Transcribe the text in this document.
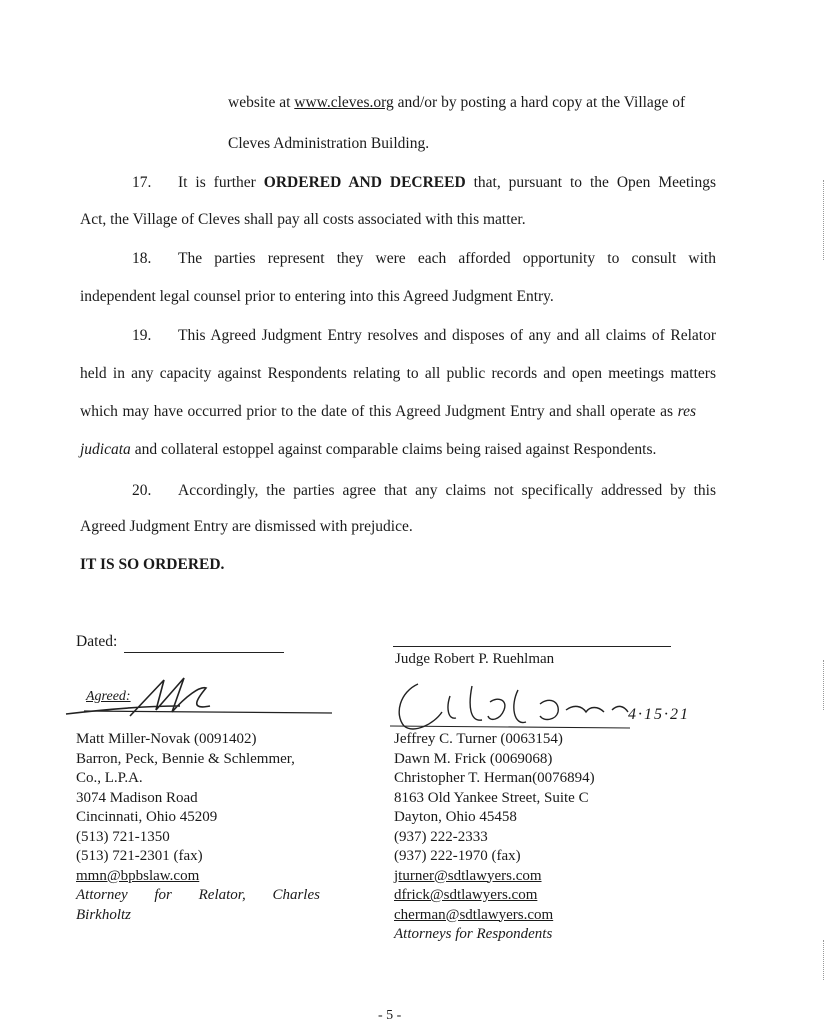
website at www.cleves.org and/or by posting a hard copy at the Village of
Cleves Administration Building.
17. It is further ORDERED AND DECREED that, pursuant to the Open Meetings
Act, the Village of Cleves shall pay all costs associated with this matter.
18. The parties represent they were each afforded opportunity to consult with
independent legal counsel prior to entering into this Agreed Judgment Entry.
19. This Agreed Judgment Entry resolves and disposes of any and all claims of Relator
held in any capacity against Respondents relating to all public records and open meetings matters
which may have occurred prior to the date of this Agreed Judgment Entry and shall operate as res
judicata and collateral estoppel against comparable claims being raised against Respondents.
20. Accordingly, the parties agree that any claims not specifically addressed by this
Agreed Judgment Entry are dismissed with prejudice.
IT IS SO ORDERED.
Dated:
Judge Robert P. Ruehlman
Agreed:
4·15·21
Matt Miller-Novak (0091402)
Barron, Peck, Bennie & Schlemmer,
Co., L.P.A.
3074 Madison Road
Cincinnati, Ohio 45209
(513) 721-1350
(513) 721-2301 (fax)
mmn@bpbslaw.com
Attorney for Relator, Charles
Birkholtz
Jeffrey C. Turner (0063154)
Dawn M. Frick (0069068)
Christopher T. Herman(0076894)
8163 Old Yankee Street, Suite C
Dayton, Ohio 45458
(937) 222-2333
(937) 222-1970 (fax)
jturner@sdtlawyers.com
dfrick@sdtlawyers.com
cherman@sdtlawyers.com
Attorneys for Respondents
- 5 -
